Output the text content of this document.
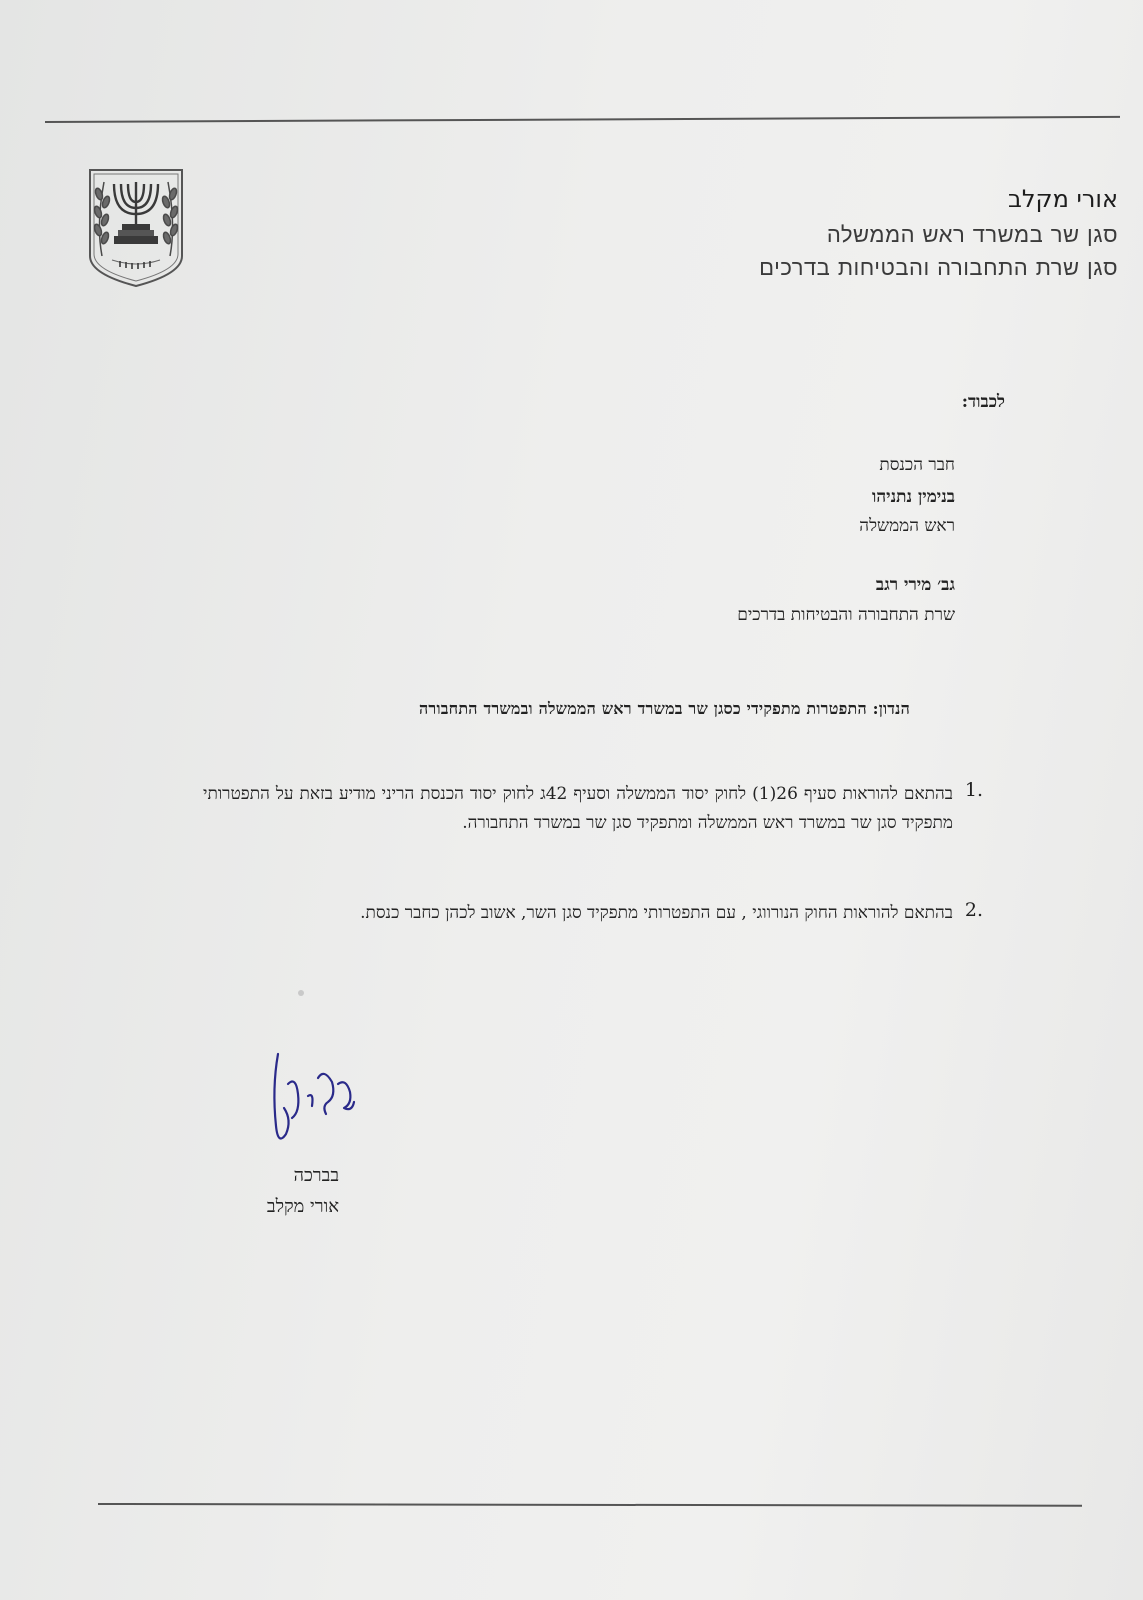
אורי מקלב
סגן שר במשרד ראש הממשלה
סגן שרת התחבורה והבטיחות בדרכים
לכבוד:
חבר הכנסת
בנימין נתניהו
ראש הממשלה
גב׳ מירי רגב
שרת התחבורה והבטיחות בדרכים
הנדון: התפטרות מתפקידי כסגן שר במשרד ראש הממשלה ובמשרד התחבורה
1.
בהתאם להוראות סעיף 26(1) לחוק יסוד הממשלה וסעיף 42ג לחוק יסוד הכנסת הריני מודיע בזאת על התפטרותי מתפקיד סגן שר במשרד ראש הממשלה ומתפקיד סגן שר במשרד התחבורה.
2.
בהתאם להוראות החוק הנורווגי , עם התפטרותי מתפקיד סגן השר, אשוב לכהן כחבר כנסת.
בברכה
אורי מקלב
